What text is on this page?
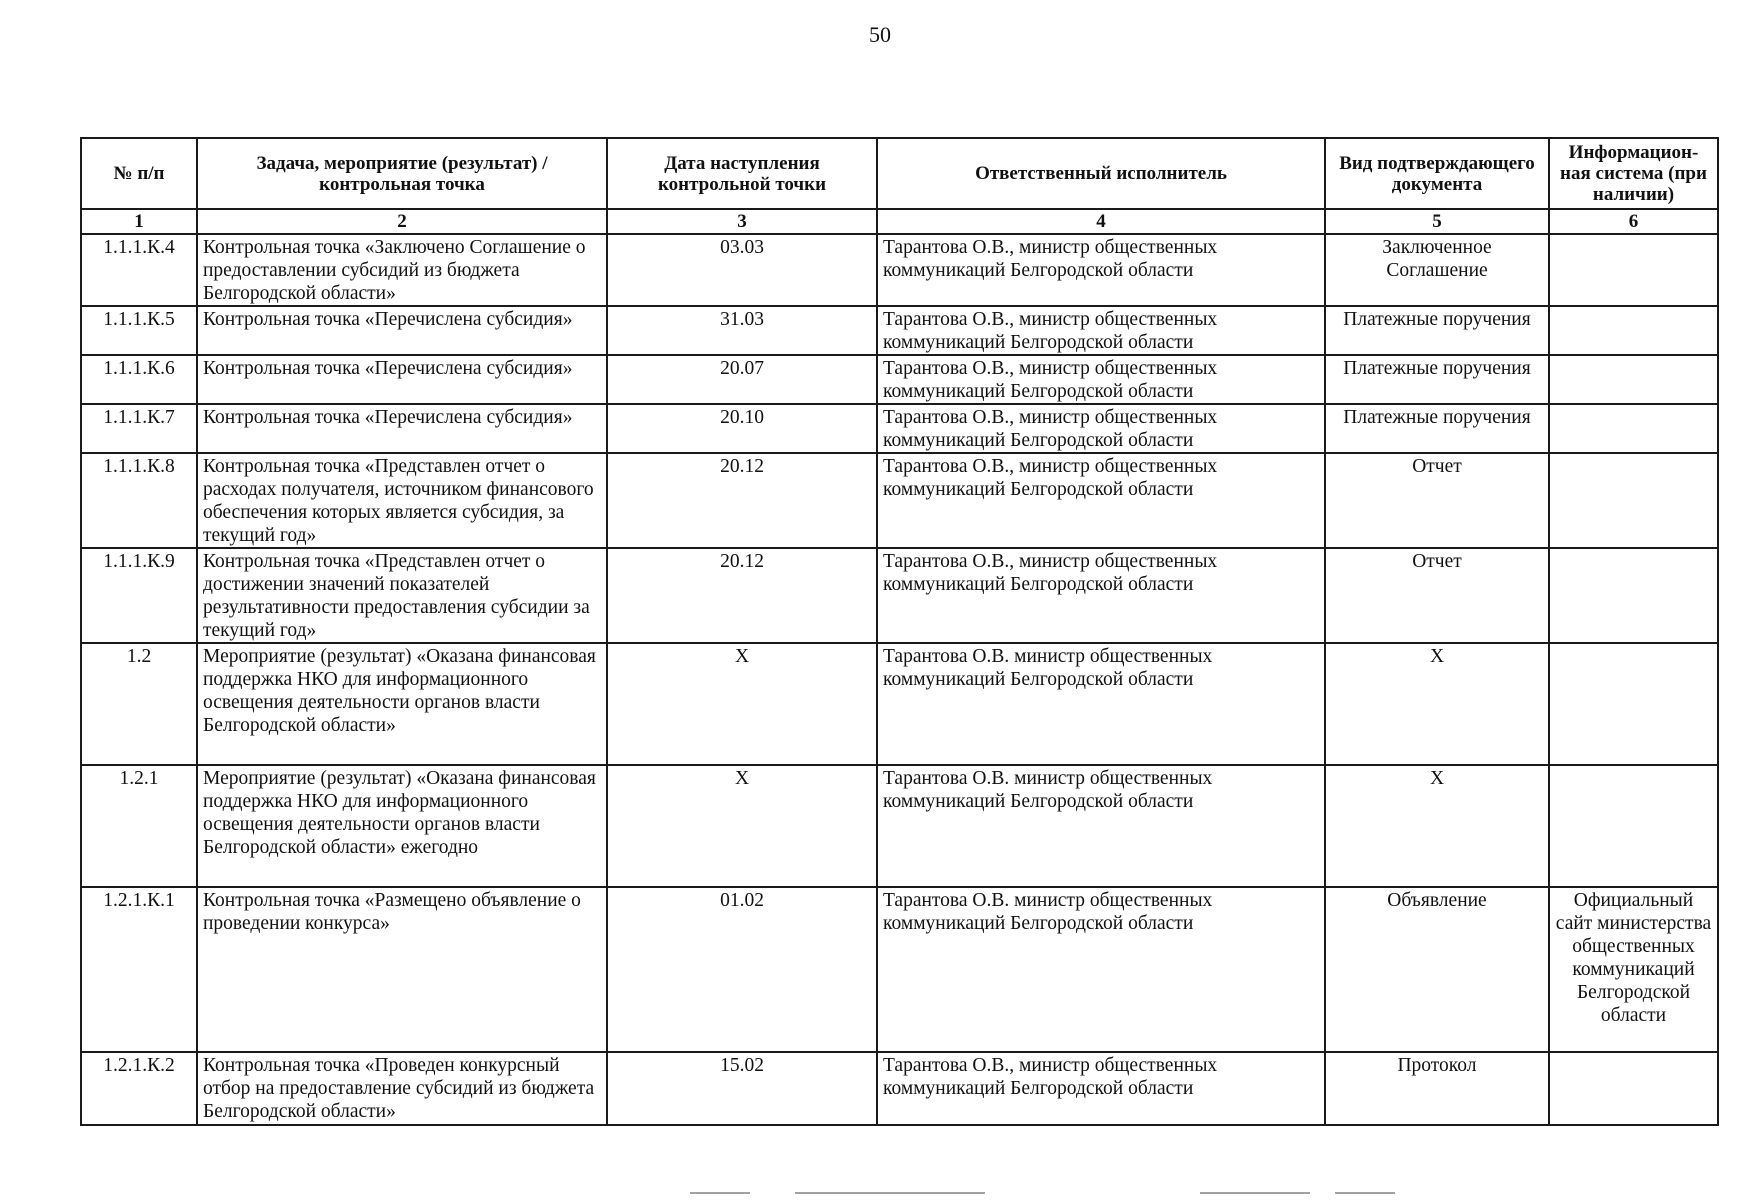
50
№ п/п	Задача, мероприятие (результат) / контрольная точка	Дата наступления контрольной точки	Ответственный исполнитель	Вид подтверждающего документа	Информацион-ная система (при наличии)
1	2	3	4	5	6
1.1.1.К.4	Контрольная точка «Заключено Соглашение о предоставлении субсидий из бюджета Белгородской области»	03.03	Тарантова О.В., министр общественных коммуникаций Белгородской области	Заключенное Соглашение	
1.1.1.К.5	Контрольная точка «Перечислена субсидия»	31.03	Тарантова О.В., министр общественных коммуникаций Белгородской области	Платежные поручения	
1.1.1.К.6	Контрольная точка «Перечислена субсидия»	20.07	Тарантова О.В., министр общественных коммуникаций Белгородской области	Платежные поручения	
1.1.1.К.7	Контрольная точка «Перечислена субсидия»	20.10	Тарантова О.В., министр общественных коммуникаций Белгородской области	Платежные поручения	
1.1.1.К.8	Контрольная точка «Представлен отчет о расходах получателя, источником финансового обеспечения которых является субсидия, за текущий год»	20.12	Тарантова О.В., министр общественных коммуникаций Белгородской области	Отчет	
1.1.1.К.9	Контрольная точка «Представлен отчет о достижении значений показателей результативности предоставления субсидии за текущий год»	20.12	Тарантова О.В., министр общественных коммуникаций Белгородской области	Отчет	
1.2	Мероприятие (результат) «Оказана финансовая поддержка НКО для информационного освещения деятельности органов власти Белгородской области»	Х	Тарантова О.В. министр общественных коммуникаций Белгородской области	Х	
1.2.1	Мероприятие (результат) «Оказана финансовая поддержка НКО для информационного освещения деятельности органов власти Белгородской области» ежегодно	Х	Тарантова О.В. министр общественных коммуникаций Белгородской области	Х	
1.2.1.К.1	Контрольная точка «Размещено объявление о проведении конкурса»	01.02	Тарантова О.В. министр общественных коммуникаций Белгородской области	Объявление	Официальный сайт министерства общественных коммуникаций Белгородской области
1.2.1.К.2	Контрольная точка «Проведен конкурсный отбор на предоставление субсидий из бюджета Белгородской области»	15.02	Тарантова О.В., министр общественных коммуникаций Белгородской области	Протокол	
